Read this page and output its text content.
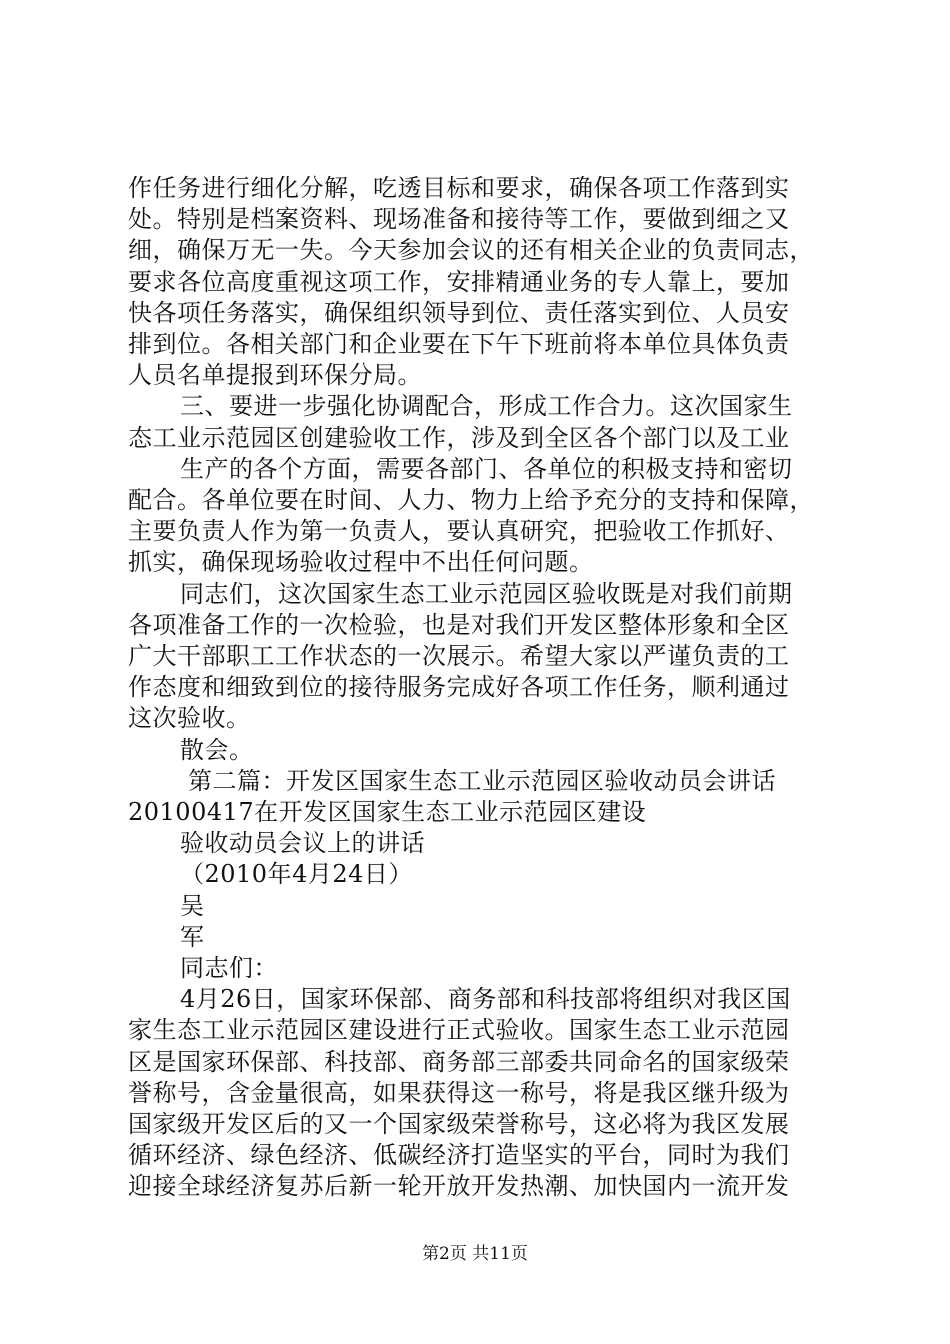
作任务进行细化分解，吃透目标和要求，确保各项工作落到实

处。特别是档案资料、现场准备和接待等工作，要做到细之又

细，确保万无一失。今天参加会议的还有相关企业的负责同志，

要求各位高度重视这项工作，安排精通业务的专人靠上，要加

快各项任务落实，确保组织领导到位、责任落实到位、人员安

排到位。各相关部门和企业要在下午下班前将本单位具体负责

人员名单提报到环保分局。

三、要进一步强化协调配合，形成工作合力。这次国家生

态工业示范园区创建验收工作，涉及到全区各个部门以及工业

生产的各个方面，需要各部门、各单位的积极支持和密切

配合。各单位要在时间、人力、物力上给予充分的支持和保障，

主要负责人作为第一负责人，要认真研究，把验收工作抓好、

抓实，确保现场验收过程中不出任何问题。

同志们，这次国家生态工业示范园区验收既是对我们前期

各项准备工作的一次检验，也是对我们开发区整体形象和全区

广大干部职工工作状态的一次展示。希望大家以严谨负责的工

作态度和细致到位的接待服务完成好各项工作任务，顺利通过

这次验收。

散会。

第二篇：开发区国家生态工业示范园区验收动员会讲话

20100417在开发区国家生态工业示范园区建设

验收动员会议上的讲话

（2010年4月24日）

吴

军

同志们：

4月26日，国家环保部、商务部和科技部将组织对我区国

家生态工业示范园区建设进行正式验收。国家生态工业示范园

区是国家环保部、科技部、商务部三部委共同命名的国家级荣

誉称号，含金量很高，如果获得这一称号，将是我区继升级为

国家级开发区后的又一个国家级荣誉称号，这必将为我区发展

循环经济、绿色经济、低碳经济打造坚实的平台，同时为我们

迎接全球经济复苏后新一轮开放开发热潮、加快国内一流开发

第2页 共11页
